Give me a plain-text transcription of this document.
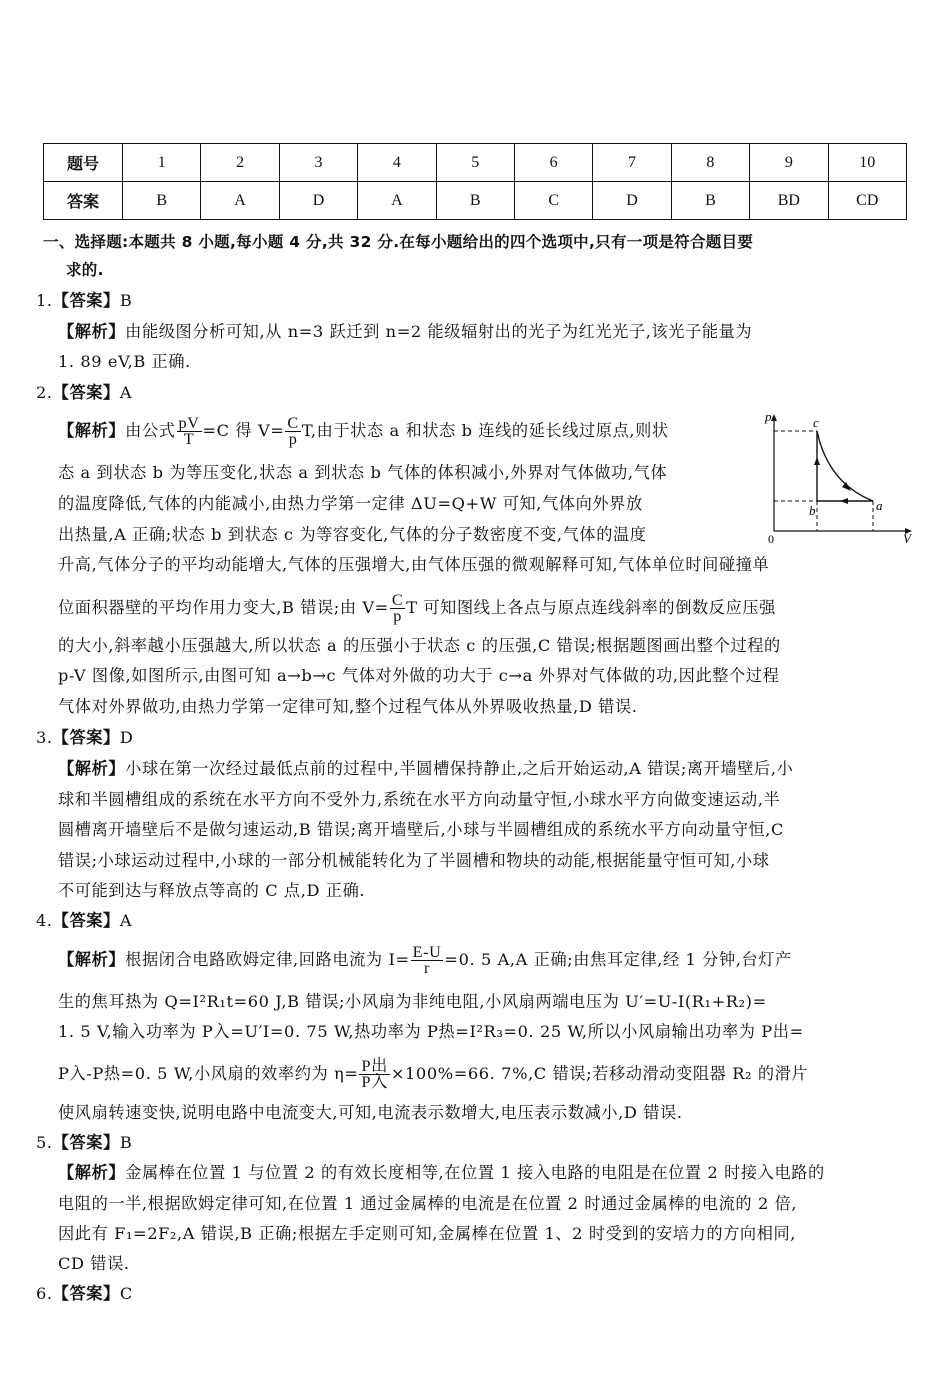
题号	1	2	3	4	5	6	7	8	9	10
答案	B	A	D	A	B	C	D	B	BD	CD
一、选择题:本题共 8 小题,每小题 4 分,共 32 分.在每小题给出的四个选项中,只有一项是符合题目要
求的.
1.【答案】B
【解析】由能级图分析可知,从 n=3 跃迁到 n=2 能级辐射出的光子为红光光子,该光子能量为
1. 89 eV,B 正确.
2.【答案】A
【解析】由公式 $\frac{pV}{T} =C$ 得 $V= \frac{C}{p} T$,由于状态 a 和状态 b 连线的延长线过原点,则状
态 a 到状态 b 为等压变化,状态 a 到状态 b 气体的体积减小,外界对气体做功,气体
的温度降低,气体的内能减小,由热力学第一定律 ΔU=Q+W 可知,气体向外界放
出热量,A 正确;状态 b 到状态 c 为等容变化,气体的分子数密度不变,气体的温度
升高,气体分子的平均动能增大,气体的压强增大,由气体压强的微观解释可知,气体单位时间碰撞单
位面积器壁的平均作用力变大,B 错误;由 $V= \frac{C}{p}$ T 可知图线上各点与原点连线斜率的倒数反应压强
的大小,斜率越小压强越大,所以状态 a 的压强小于状态 c 的压强,C 错误;根据题图画出整个过程的
p-V 图像,如图所示,由图可知 a→b→c 气体对外做的功大于 c→a 外界对气体做的功,因此整个过程
气体对外界做功,由热力学第一定律可知,整个过程气体从外界吸收热量,D 错误.
p
V
0
c
b	a
3.【答案】D
【解析】小球在第一次经过最低点前的过程中,半圆槽保持静止,之后开始运动,A 错误;离开墙壁后,小
球和半圆槽组成的系统在水平方向不受外力,系统在水平方向动量守恒,小球水平方向做变速运动,半
圆槽离开墙壁后不是做匀速运动,B 错误;离开墙壁后,小球与半圆槽组成的系统水平方向动量守恒,C
错误;小球运动过程中,小球的一部分机械能转化为了半圆槽和物块的动能,根据能量守恒可知,小球
不可能到达与释放点等高的 C 点,D 正确.
4.【答案】A
【解析】根据闭合电路欧姆定律,回路电流为 $I= \frac{E-U}{r} =0$. 5 A,A 正确;由焦耳定律,经 1 分钟,台灯产
生的焦耳热为 Q=I²R₁t=60 J,B 错误;小风扇为非纯电阻,小风扇两端电压为 U′=U-I(R₁+R₂)=
1. 5 V,输入功率为 P入=U′I=0. 75 W,热功率为 P热=I²R₃=0. 25 W,所以小风扇输出功率为 P出=
P入-P热=0. 5 W,小风扇的效率约为 $\eta= \frac{\text{P出}}{\text{P入}} \times 100\%=66$. 7%,C 错误;若移动滑动变阻器 R₂ 的滑片
使风扇转速变快,说明电路中电流变大,可知,电流表示数增大,电压表示数减小,D 错误.
5.【答案】B
【解析】金属棒在位置 1 与位置 2 的有效长度相等,在位置 1 接入电路的电阻是在位置 2 时接入电路的
电阻的一半,根据欧姆定律可知,在位置 1 通过金属棒的电流是在位置 2 时通过金属棒的电流的 2 倍,
因此有 F₁=2F₂,A 错误,B 正确;根据左手定则可知,金属棒在位置 1、2 时受到的安培力的方向相同,
CD 错误.
6.【答案】C
